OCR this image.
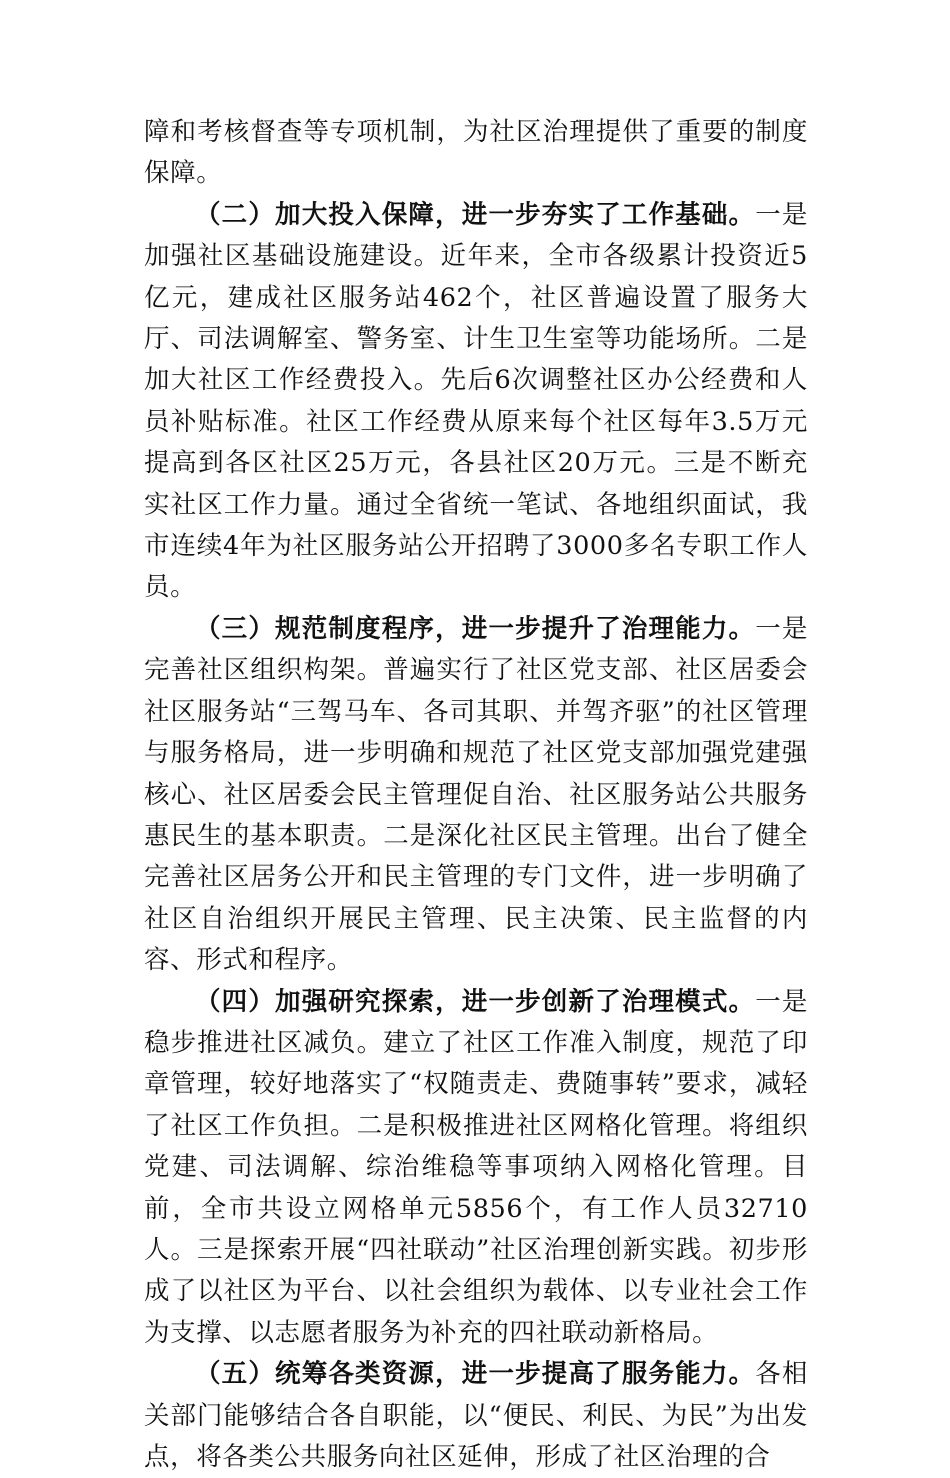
障和考核督查等专项机制，为社区治理提供了重要的制度保障。

（二）加大投入保障，进一步夯实了工作基础。一是加强社区基础设施建设。近年来，全市各级累计投资近5亿元，建成社区服务站462个，社区普遍设置了服务大厅、司法调解室、警务室、计生卫生室等功能场所。二是加大社区工作经费投入。先后6次调整社区办公经费和人员补贴标准。社区工作经费从原来每个社区每年3.5万元提高到各区社区25万元，各县社区20万元。三是不断充实社区工作力量。通过全省统一笔试、各地组织面试，我市连续4年为社区服务站公开招聘了3000多名专职工作人员。

（三）规范制度程序，进一步提升了治理能力。一是完善社区组织构架。普遍实行了社区党支部、社区居委会社区服务站“三驾马车、各司其职、并驾齐驱”的社区管理与服务格局，进一步明确和规范了社区党支部加强党建强核心、社区居委会民主管理促自治、社区服务站公共服务惠民生的基本职责。二是深化社区民主管理。出台了健全完善社区居务公开和民主管理的专门文件，进一步明确了社区自治组织开展民主管理、民主决策、民主监督的内容、形式和程序。

（四）加强研究探索，进一步创新了治理模式。一是稳步推进社区减负。建立了社区工作准入制度，规范了印章管理，较好地落实了“权随责走、费随事转”要求，减轻了社区工作负担。二是积极推进社区网格化管理。将组织党建、司法调解、综治维稳等事项纳入网格化管理。目前，全市共设立网格单元5856个，有工作人员32710人。三是探索开展“四社联动”社区治理创新实践。初步形成了以社区为平台、以社会组织为载体、以专业社会工作为支撑、以志愿者服务为补充的四社联动新格局。

（五）统筹各类资源，进一步提高了服务能力。各相关部门能够结合各自职能，以“便民、利民、为民”为出发点，将各类公共服务向社区延伸，形成了社区治理的合
